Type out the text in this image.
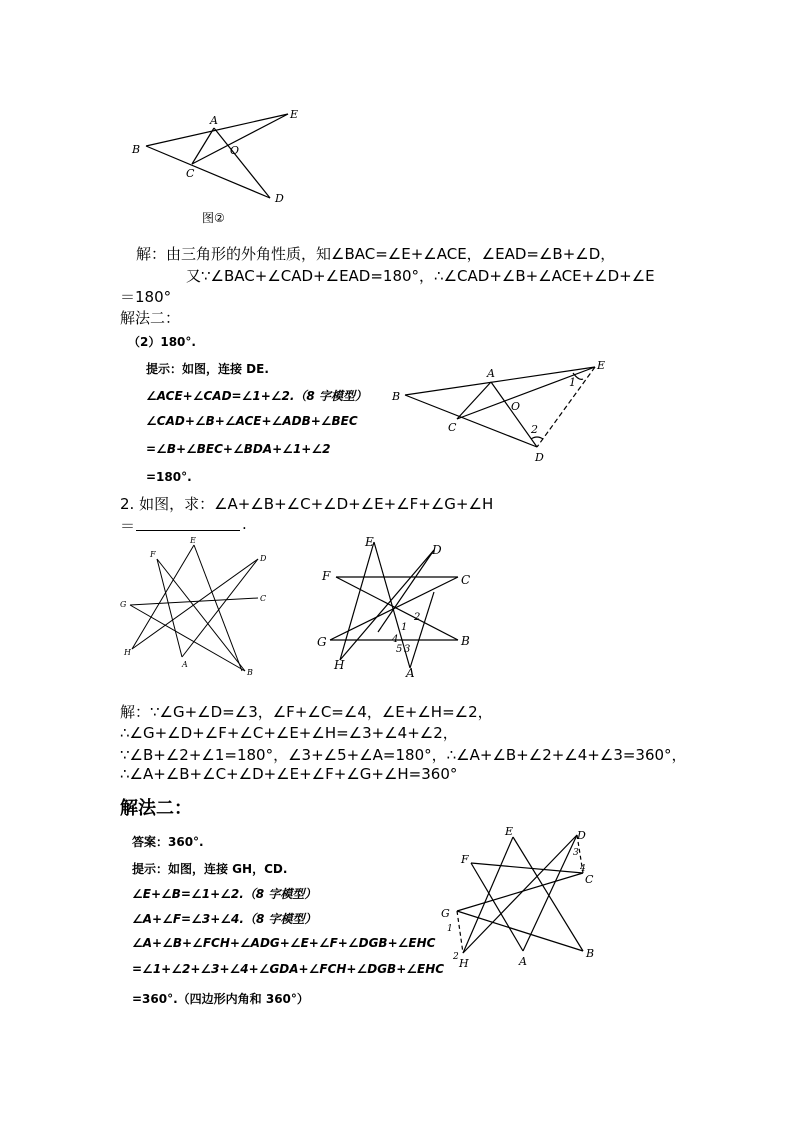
A
B
C
D
E
O
图②
解：由三角形的外角性质，知∠BAC=∠E+∠ACE，∠EAD=∠B+∠D，
又∵∠BAC+∠CAD+∠EAD=180°，∴∠CAD+∠B+∠ACE+∠D+∠E
＝180°
解法二：
（2）180°.
提示：如图，连接 DE.
∠ACE+∠CAD=∠1+∠2.（8 字模型）
∠CAD+∠B+∠ACE+∠ADB+∠BEC
=∠B+∠BEC+∠BDA+∠1+∠2
=180°.
A
B
C
D
E
O
1
2
2. 如图，求：∠A+∠B+∠C+∠D+∠E+∠F+∠G+∠H
＝	.
F
E
D
C
G
H
A
B
E
D
F	C
G	B
H
A
1
2
3
4
5
解：∵∠G+∠D=∠3，∠F+∠C=∠4，∠E+∠H=∠2，
∴∠G+∠D+∠F+∠C+∠E+∠H=∠3+∠4+∠2，
∵∠B+∠2+∠1=180°，∠3+∠5+∠A=180°，∴∠A+∠B+∠2+∠4+∠3=360°，
∴∠A+∠B+∠C+∠D+∠E+∠F+∠G+∠H=360°
解法二：
答案：360°.
提示：如图，连接 GH，CD.
∠E+∠B=∠1+∠2.（8 字模型）
∠A+∠F=∠3+∠4.（8 字模型）
∠A+∠B+∠FCH+∠ADG+∠E+∠F+∠DGB+∠EHC
=∠1+∠2+∠3+∠4+∠GDA+∠FCH+∠DGB+∠EHC
=360°.（四边形内角和 360°）
E	D
F
C
G
H	A
B
1
2
3
4
